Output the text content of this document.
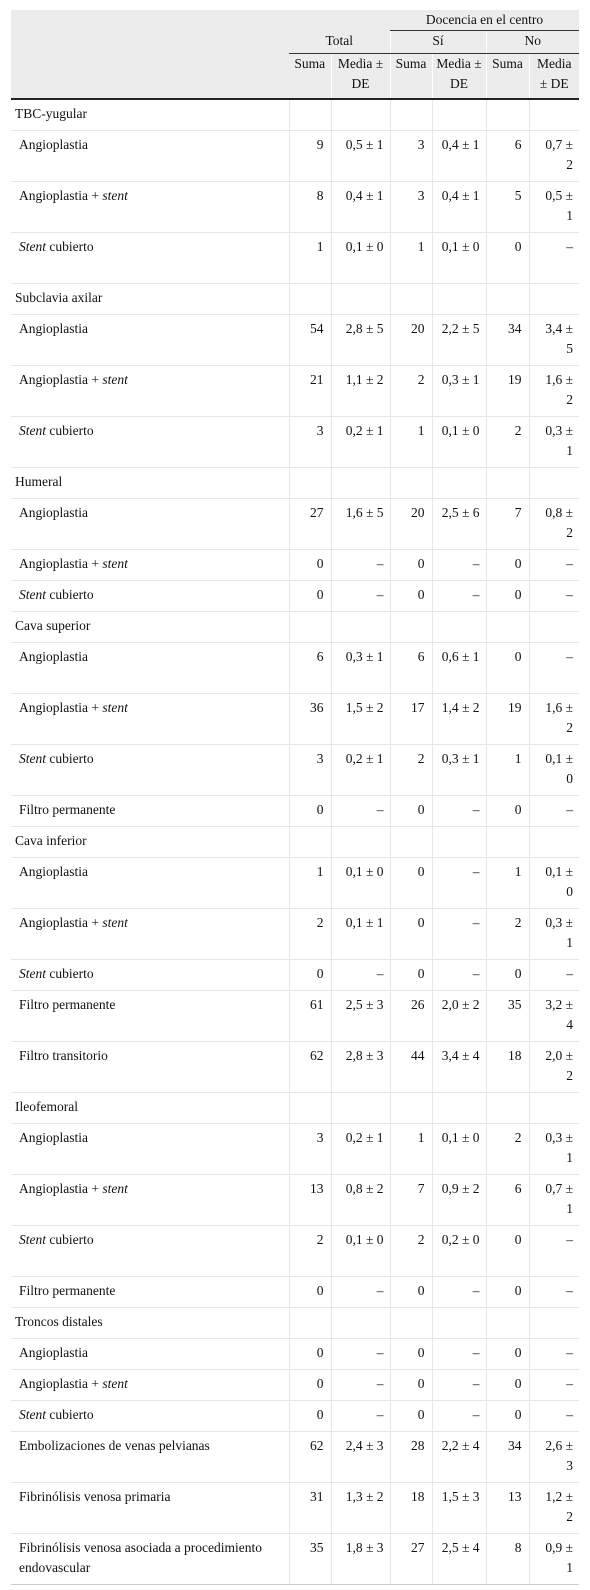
			Docencia en el centro			
	Total		Sí		No	
	Suma	Media ± DE	Suma	Media ± DE	Suma	Media ± DE
TBC-yugular						
Angioplastia	9	0,5 ± 1	3	0,4 ± 1	6	0,7 ± 2
Angioplastia + stent	8	0,4 ± 1	3	0,4 ± 1	5	0,5 ± 1
Stent cubierto	1	0,1 ± 0	1	0,1 ± 0	0	–
Subclavia axilar						
Angioplastia	54	2,8 ± 5	20	2,2 ± 5	34	3,4 ± 5
Angioplastia + stent	21	1,1 ± 2	2	0,3 ± 1	19	1,6 ± 2
Stent cubierto	3	0,2 ± 1	1	0,1 ± 0	2	0,3 ± 1
Humeral						
Angioplastia	27	1,6 ± 5	20	2,5 ± 6	7	0,8 ± 2
Angioplastia + stent	0	–	0	–	0	–
Stent cubierto	0	–	0	–	0	–
Cava superior						
Angioplastia	6	0,3 ± 1	6	0,6 ± 1	0	–
Angioplastia + stent	36	1,5 ± 2	17	1,4 ± 2	19	1,6 ± 2
Stent cubierto	3	0,2 ± 1	2	0,3 ± 1	1	0,1 ± 0
Filtro permanente	0	–	0	–	0	–
Cava inferior						
Angioplastia	1	0,1 ± 0	0	–	1	0,1 ± 0
Angioplastia + stent	2	0,1 ± 1	0	–	2	0,3 ± 1
Stent cubierto	0	–	0	–	0	–
Filtro permanente	61	2,5 ± 3	26	2,0 ± 2	35	3,2 ± 4
Filtro transitorio	62	2,8 ± 3	44	3,4 ± 4	18	2,0 ± 2
Ileofemoral						
Angioplastia	3	0,2 ± 1	1	0,1 ± 0	2	0,3 ± 1
Angioplastia + stent	13	0,8 ± 2	7	0,9 ± 2	6	0,7 ± 1
Stent cubierto	2	0,1 ± 0	2	0,2 ± 0	0	–
Filtro permanente	0	–	0	–	0	–
Troncos distales						
Angioplastia	0	–	0	–	0	–
Angioplastia + stent	0	–	0	–	0	–
Stent cubierto	0	–	0	–	0	–
Embolizaciones de venas pelvianas	62	2,4 ± 3	28	2,2 ± 4	34	2,6 ± 3
Fibrinólisis venosa primaria	31	1,3 ± 2	18	1,5 ± 3	13	1,2 ± 2
Fibrinólisis venosa asociada a procedimiento endovascular	35	1,8 ± 3	27	2,5 ± 4	8	0,9 ± 1
